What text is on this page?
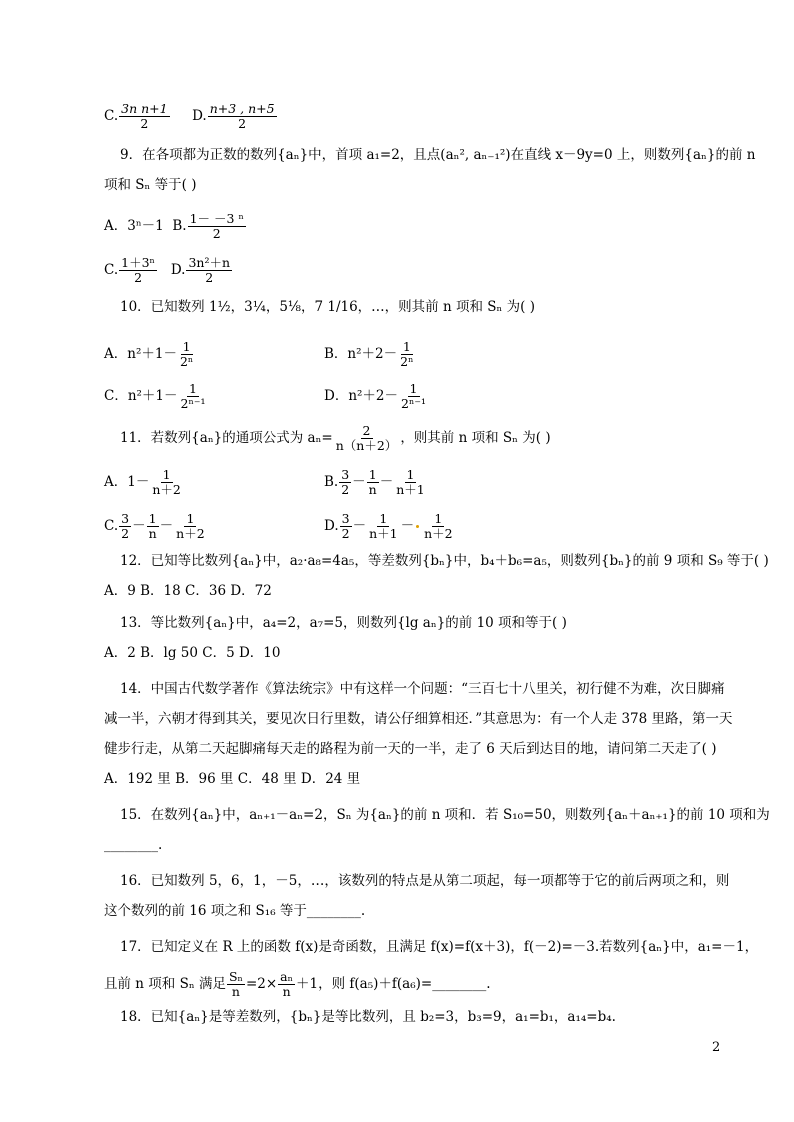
C. $\frac{\text{3n n+1}}{2} D$. $\frac{n+3 , n+5}{2}$
9．在各项都为正数的数列{aₙ}中，首项 a₁=2，且点(aₙ², aₙ₋₁²)在直线 x－9y=0 上，则数列{aₙ}的前 n
项和 Sₙ 等于( )
A．3ⁿ－1 B. $\frac{\text{1－ －3 ⁿ}}{2}$
C. $\frac{\text{1＋3ⁿ}}{2} D$. $\frac{\text{3n²＋n}}{2}$
10．已知数列 1½，3¼，5⅛，7 1/16，…，则其前 n 项和 Sₙ 为( )
A．$n^2+1- \frac{1}{\text{2ⁿ}}$	B．$n^2+2- \frac{1}{\text{2ⁿ}}$
C．$n^2+1- \frac{1}{\text{2ⁿ⁻¹}}$	D．$n^2+2- \frac{1}{\text{2ⁿ⁻¹}}$
11．若数列{aₙ}的通项公式为 $a_n= \frac{2}{n(n+2)}$ ，则其前 n 项和 Sₙ 为( )
A．$1- \frac{1}{n+2}$	B. $\frac{3}{2} - \frac{1}{n} - \frac{1}{n+1}$
C. $\frac{3}{2} - \frac{1}{n} - \frac{1}{n+2}$	D. $\frac{3}{2} - \frac{1}{n+1} - \frac{1}{n+2}$
12．已知等比数列{aₙ}中，a₂·a₈=4a₅，等差数列{bₙ}中，b₄＋b₆=a₅，则数列{bₙ}的前 9 项和 S₉ 等于( )
A．9 B．18 C．36 D．72
13．等比数列{aₙ}中，a₄=2，a₇=5，则数列{lg aₙ}的前 10 项和等于( )
A．2 B．lg 50 C．5 D．10
14．中国古代数学著作《算法统宗》中有这样一个问题：“三百七十八里关，初行健不为难，次日脚痛
减一半，六朝才得到其关，要见次日行里数，请公仔细算相还．”其意思为：有一个人走 378 里路，第一天
健步行走，从第二天起脚痛每天走的路程为前一天的一半，走了 6 天后到达目的地，请问第二天走了( )
A．192 里 B．96 里 C．48 里 D．24 里
15．在数列{aₙ}中，aₙ₊₁－aₙ=2，Sₙ 为{aₙ}的前 n 项和．若 S₁₀=50，则数列{aₙ＋aₙ₊₁}的前 10 项和为
________.
16．已知数列 5，6，1，－5，…，该数列的特点是从第二项起，每一项都等于它的前后两项之和，则
这个数列的前 16 项之和 S₁₆ 等于________.
17．已知定义在 R 上的函数 f(x)是奇函数，且满足 f(x)=f(x＋3)，f(－2)=－3.若数列{aₙ}中，a₁=－1，
且前 n 项和 Sₙ 满足 $\frac{\text{Sₙ}}{n} =2\times \frac{\text{aₙ}}{n} +1$，则 f(a₅)＋f(a₆)=________.
18．已知{aₙ}是等差数列，{bₙ}是等比数列，且 b₂=3，b₃=9，a₁=b₁，a₁₄=b₄.
2
